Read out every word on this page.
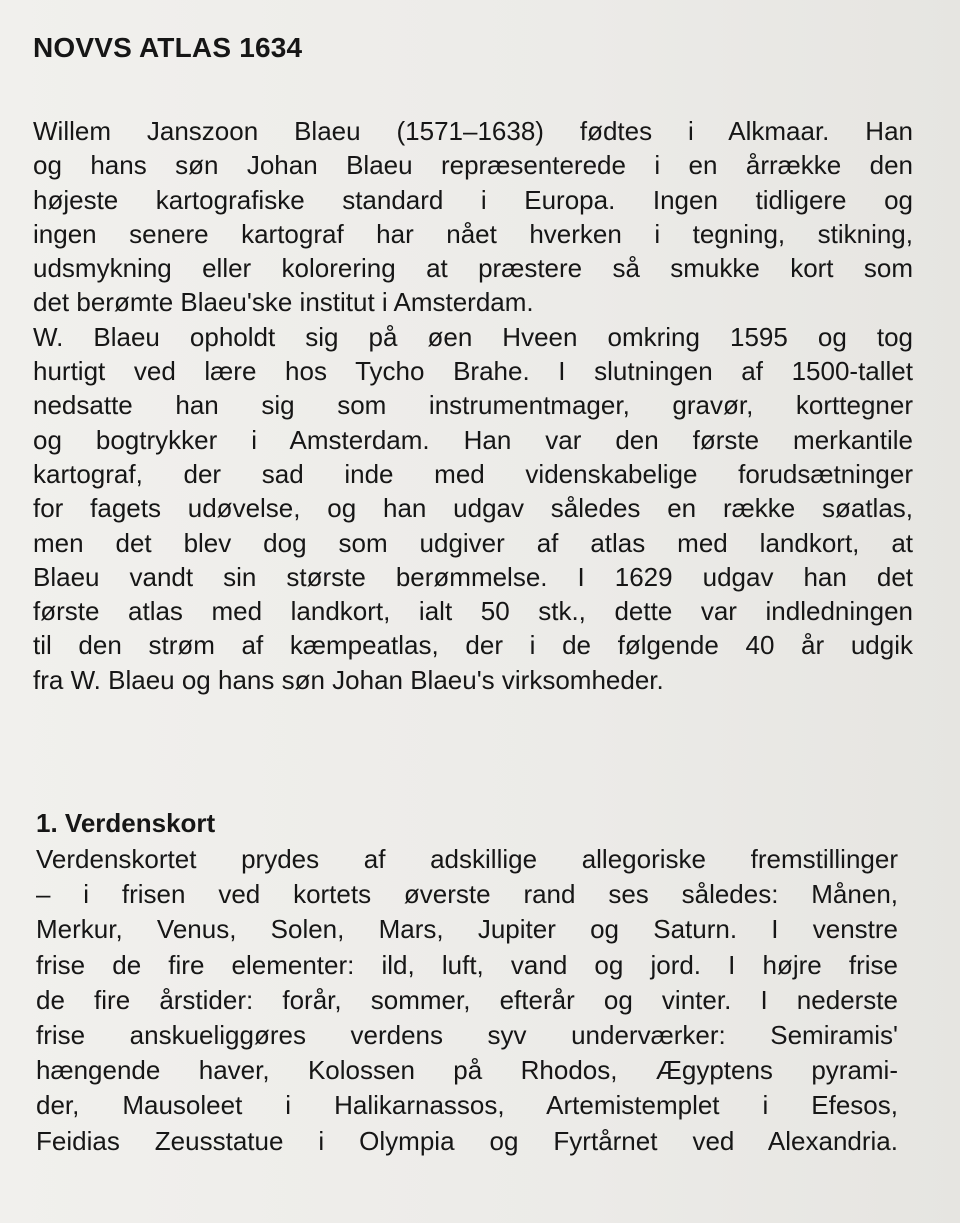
NOVVS ATLAS 1634
Willem Janszoon Blaeu (1571–1638) fødtes i Alkmaar. Han
og hans søn Johan Blaeu repræsenterede i en årrække den
højeste kartografiske standard i Europa. Ingen tidligere og
ingen senere kartograf har nået hverken i tegning, stikning,
udsmykning eller kolorering at præstere så smukke kort som
det berømte Blaeu'ske institut i Amsterdam.
W. Blaeu opholdt sig på øen Hveen omkring 1595 og tog
hurtigt ved lære hos Tycho Brahe. I slutningen af 1500-tallet
nedsatte han sig som instrumentmager, gravør, korttegner
og bogtrykker i Amsterdam. Han var den første merkantile
kartograf, der sad inde med videnskabelige forudsætninger
for fagets udøvelse, og han udgav således en række søatlas,
men det blev dog som udgiver af atlas med landkort, at
Blaeu vandt sin største berømmelse. I 1629 udgav han det
første atlas med landkort, ialt 50 stk., dette var indledningen
til den strøm af kæmpeatlas, der i de følgende 40 år udgik
fra W. Blaeu og hans søn Johan Blaeu's virksomheder.
1. Verdenskort
Verdenskortet prydes af adskillige allegoriske fremstillinger
– i frisen ved kortets øverste rand ses således: Månen,
Merkur, Venus, Solen, Mars, Jupiter og Saturn. I venstre
frise de fire elementer: ild, luft, vand og jord. I højre frise
de fire årstider: forår, sommer, efterår og vinter. I nederste
frise anskueliggøres verdens syv underværker: Semiramis'
hængende haver, Kolossen på Rhodos, Ægyptens pyrami-
der, Mausoleet i Halikarnassos, Artemistemplet i Efesos,
Feidias Zeusstatue i Olympia og Fyrtårnet ved Alexandria.
